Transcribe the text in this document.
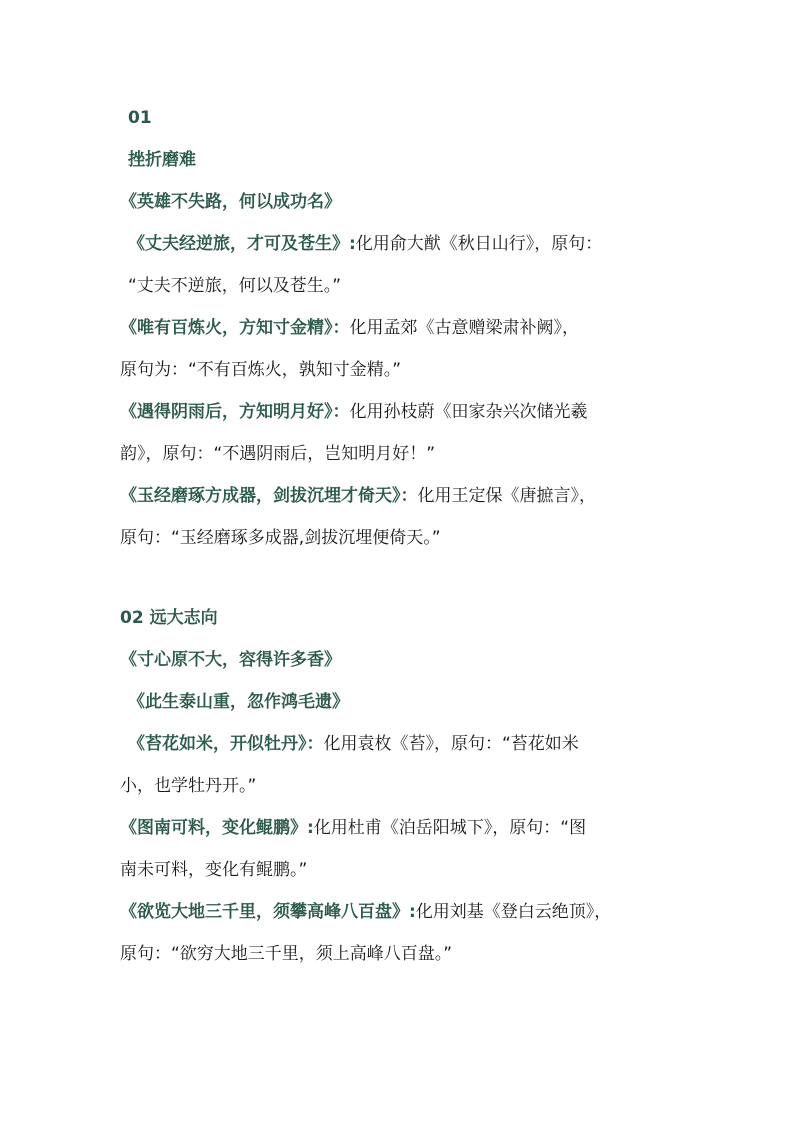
01
挫折磨难
《英雄不失路，何以成功名》
《丈夫经逆旅，才可及苍生》:化用俞大猷《秋日山行》，原句：
“丈夫不逆旅，何以及苍生。”
《唯有百炼火，方知寸金精》：化用孟郊《古意赠梁肃补阙》，
原句为：“不有百炼火，孰知寸金精。”
《遇得阴雨后，方知明月好》：化用孙枝蔚《田家杂兴次储光羲
韵》，原句：“不遇阴雨后，岂知明月好！”
《玉经磨琢方成器，剑拔沉埋才倚天》：化用王定保《唐摭言》，
原句：“玉经磨琢多成器,剑拔沉埋便倚天。”
02 远大志向
《寸心原不大，容得许多香》
《此生泰山重，忽作鸿毛遗》
《苔花如米，开似牡丹》：化用袁枚《苔》，原句：“苔花如米
小，也学牡丹开。”
《图南可料，变化鲲鹏》:化用杜甫《泊岳阳城下》，原句：“图
南未可料，变化有鲲鹏。”
《欲览大地三千里，须攀高峰八百盘》:化用刘基《登白云绝顶》，
原句：“欲穷大地三千里，须上高峰八百盘。”
